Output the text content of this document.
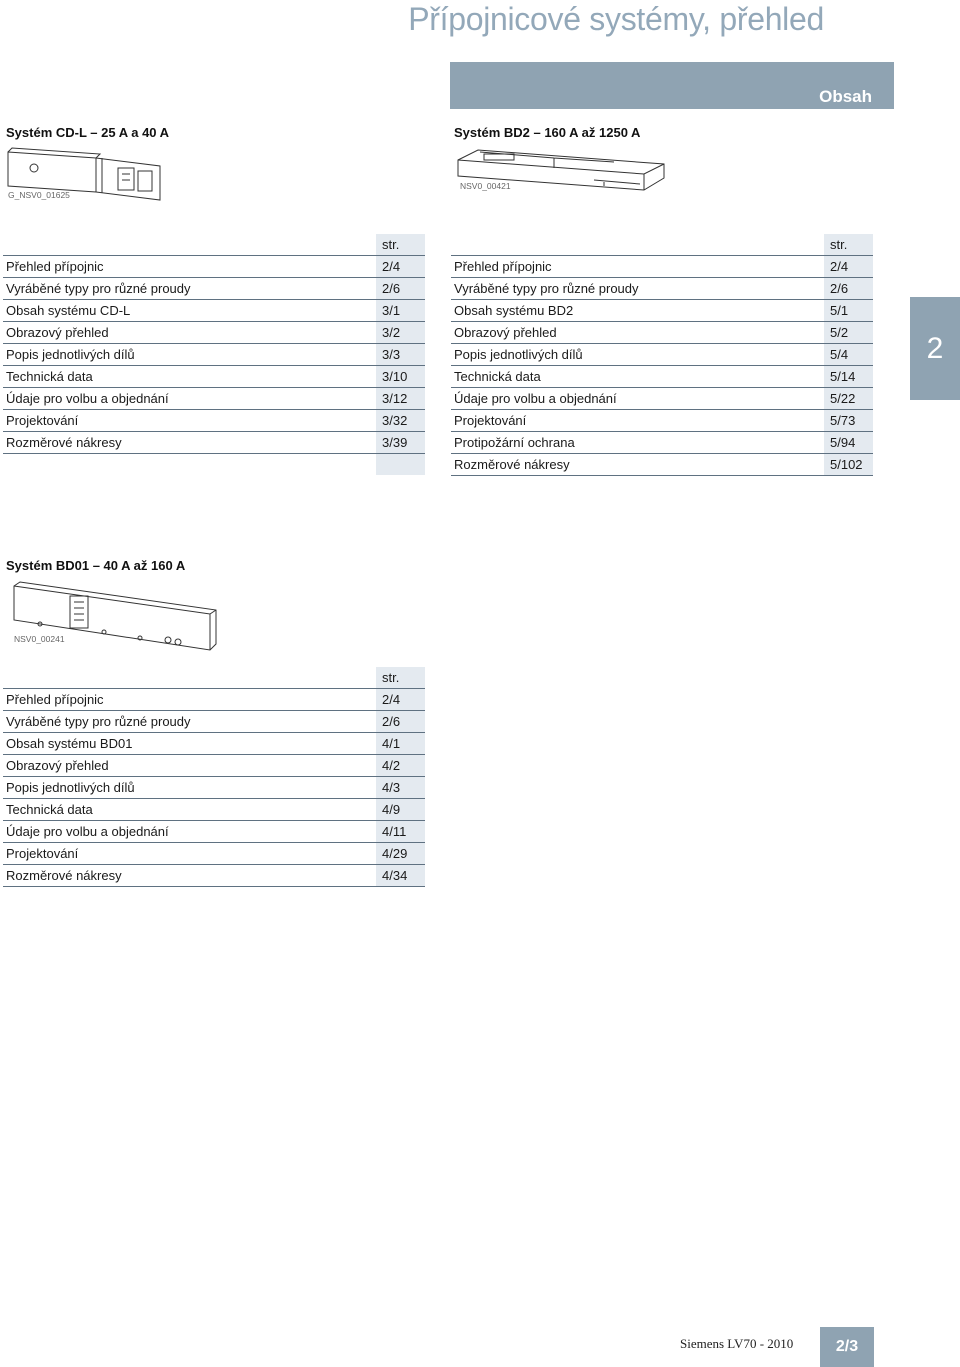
Přípojnicové systémy, přehled
Obsah
Systém CD-L – 25 A a 40 A
G_NSV0_01625
	str.
Přehled přípojnic	2/4
Vyráběné typy pro různé proudy	2/6
Obsah systému CD-L	3/1
Obrazový přehled	3/2
Popis jednotlivých dílů	3/3
Technická data	3/10
Údaje pro volbu a objednání	3/12
Projektování	3/32
Rozměrové nákresy	3/39

Systém BD2 – 160 A až 1250 A
NSV0_00421
	str.
Přehled přípojnic	2/4
Vyráběné typy pro různé proudy	2/6
Obsah systému BD2	5/1
Obrazový přehled	5/2
Popis jednotlivých dílů	5/4
Technická data	5/14
Údaje pro volbu a objednání	5/22
Projektování	5/73
Protipožární ochrana	5/94
Rozměrové nákresy	5/102
2
Systém BD01 – 40 A až 160 A
NSV0_00241
	str.
Přehled přípojnic	2/4
Vyráběné typy pro různé proudy	2/6
Obsah systému BD01	4/1
Obrazový přehled	4/2
Popis jednotlivých dílů	4/3
Technická data	4/9
Údaje pro volbu a objednání	4/11
Projektování	4/29
Rozměrové nákresy	4/34
Siemens LV70 - 2010	2/3
